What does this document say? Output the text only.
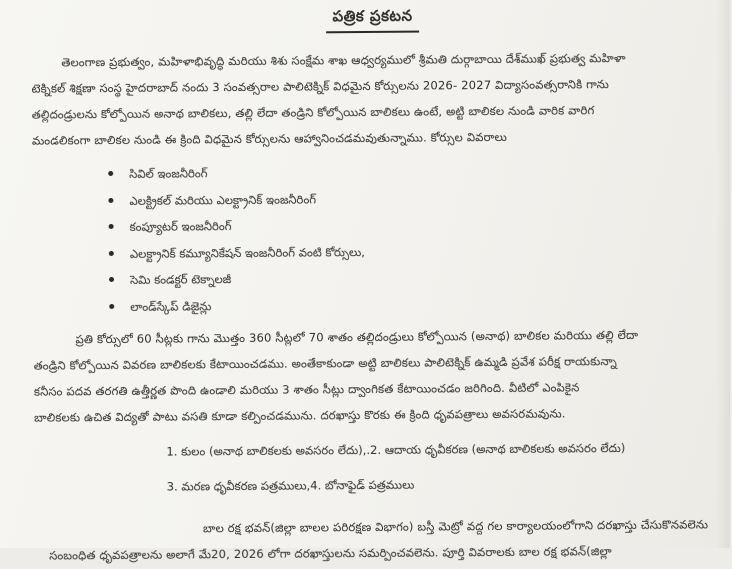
పత్రిక ప్రకటన
తెలంగాణ ప్రభుత్వం, మహిళాభివృద్ధి మరియు శిశు సంక్షేమ శాఖ ఆధ్వర్యములో శ్రీమతి దుర్గాబాయి దేశ్‌ముఖ్ ప్రభుత్వ మహిళా
టెక్నికల్ శిక్షణా సంస్థ హైదరాబాద్ నందు 3 సంవత్సరాల పాలిటెక్నిక్ విధమైన కోర్సులను 2026- 2027 విద్యాసంవత్సరానికి గాను
తల్లిదండ్రులను కోల్పోయిన అనాథ బాలికలు, తల్లి లేదా తండ్రిని కోల్పోయిన బాలికలు ఉంటే, అట్టి బాలికల నుండి వారిక వారిగ
మండలికంగా బాలికల నుండి ఈ క్రింది విధమైన కోర్సులను ఆహ్వానించడమవుతున్నాము. కోర్సుల వివరాలు
సివిల్ ఇంజనీరింగ్
ఎలక్ట్రికల్ మరియు ఎలక్ట్రానిక్ ఇంజనీరింగ్
కంప్యూటర్ ఇంజనీరింగ్
ఎలక్ట్రానిక్ కమ్యూనికేషన్ ఇంజనీరింగ్ వంటి కోర్సులు,
సెమి కండక్టర్ టెక్నాలజీ
లాండ్‌స్కేప్ డిజైన్లు
ప్రతి కోర్సులో 60 సీట్లకు గాను మొత్తం 360 సీట్లలో 70 శాతం తల్లిదండ్రులు కోల్పోయిన (అనాథ) బాలికల మరియు తల్లి లేదా
తండ్రిని కోల్పోయిన వివరణ బాలికలకు కేటాయించడము. అంతేకాకుండా అట్టి బాలికలు పాలిటెక్నిక్ ఉమ్మడి ప్రవేశ పరీక్ష రాయకున్నా
కనీసం పదవ తరగతి ఉత్తీర్ణత పొంది ఉండాలి మరియు 3 శాతం సీట్లు ద్వాంగికత కేటాయించడం జరిగింది. వీటిలో ఎంపికైన
బాలికలకు ఉచిత విద్యతో పాటు వసతి కూడా కల్పించడమును. దరఖాస్తు కొరకు ఈ క్రింది ధృవపత్రాలు అవసరమవును.
1. కులం (అనాథ బాలికలకు అవసరం లేదు),.2. ఆదాయ ధృవీకరణ (అనాథ బాలికలకు అవసరం లేదు)
3. మరణ ధృవీకరణ పత్రములు,4. బోనాఫైడ్ పత్రములు
బాల రక్ష భవన్(జిల్లా బాలల పరిరక్షణ విభాగం) బస్తీ మెట్రో వద్ద గల కార్యాలయంలోగాని దరఖాస్తు చేసుకొనవలెను
సంబంధిత ధృవపత్రాలను అలాగే మే20, 2026 లోగా దరఖాస్తులను సమర్పించవలెను. పూర్తి వివరాలకు బాల రక్ష భవన్(జిల్లా
